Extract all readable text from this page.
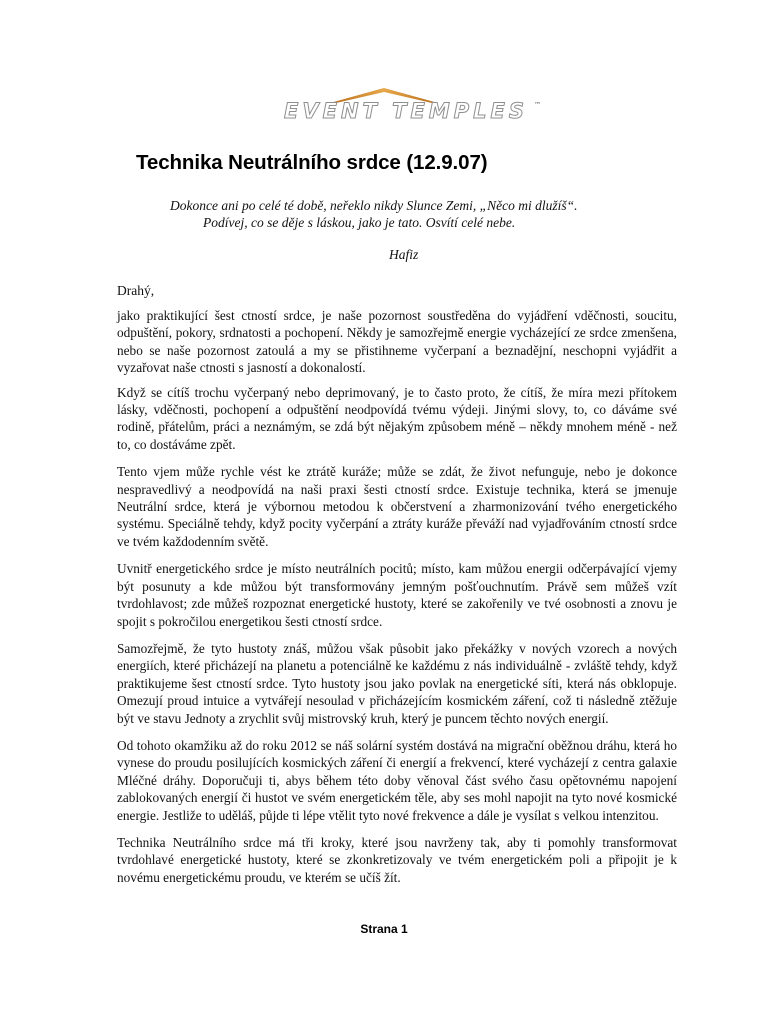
EVENT TEMPLES ™
Technika Neutrálního srdce (12.9.07)

Dokonce ani po celé té době, neřeklo nikdy Slunce Zemi, „Něco mi dlužíš“.
Podívej, co se děje s láskou, jako je tato. Osvítí celé nebe.

Hafiz

Drahý,

jako praktikující šest ctností srdce, je naše pozornost soustředěna do vyjádření vděčnosti, soucitu, odpuštění, pokory, srdnatosti a pochopení. Někdy je samozřejmě energie vycházející ze srdce zmenšena, nebo se naše pozornost zatoulá a my se přistihneme vyčerpaní a beznadějní, neschopni vyjádřit a vyzařovat naše ctnosti s jasností a dokonalostí.

Když se cítíš trochu vyčerpaný nebo deprimovaný, je to často proto, že cítíš, že míra mezi přítokem lásky, vděčnosti, pochopení a odpuštění neodpovídá tvému výdeji. Jinými slovy, to, co dáváme své rodině, přátelům, práci a neznámým, se zdá být nějakým způsobem méně – někdy mnohem méně - než to, co dostáváme zpět.

Tento vjem může rychle vést ke ztrátě kuráže; může se zdát, že život nefunguje, nebo je dokonce nespravedlivý a neodpovídá na naši praxi šesti ctností srdce. Existuje technika, která se jmenuje Neutrální srdce, která je výbornou metodou k občerstvení a zharmonizování tvého energetického systému. Speciálně tehdy, když pocity vyčerpání a ztráty kuráže převáží nad vyjadřováním ctností srdce ve tvém každodenním světě.

Uvnitř energetického srdce je místo neutrálních pocitů; místo, kam můžou energii odčerpávající vjemy být posunuty a kde můžou být transformovány jemným pošťouchnutím. Právě sem můžeš vzít tvrdohlavost; zde můžeš rozpoznat energetické hustoty, které se zakořenily ve tvé osobnosti a znovu je spojit s pokročilou energetikou šesti ctností srdce.

Samozřejmě, že tyto hustoty znáš, můžou však působit jako překážky v nových vzorech a nových energiích, které přicházejí na planetu a potenciálně ke každému z nás individuálně - zvláště tehdy, když praktikujeme šest ctností srdce. Tyto hustoty jsou jako povlak na energetické síti, která nás obklopuje. Omezují proud intuice a vytvářejí nesoulad v přicházejícím kosmickém záření, což ti následně ztěžuje být ve stavu Jednoty a zrychlit svůj mistrovský kruh, který je puncem těchto nových energií.

Od tohoto okamžiku až do roku 2012 se náš solární systém dostává na migrační oběžnou dráhu, která ho vynese do proudu posilujících kosmických záření či energií a frekvencí, které vycházejí z centra galaxie Mléčné dráhy. Doporučuji ti, abys během této doby věnoval část svého času opětovnému napojení zablokovaných energií či hustot ve svém energetickém těle, aby ses mohl napojit na tyto nové kosmické energie. Jestliže to uděláš, půjde ti lépe vtělit tyto nové frekvence a dále je vysílat s velkou intenzitou.

Technika Neutrálního srdce má tři kroky, které jsou navrženy tak, aby ti pomohly transformovat tvrdohlavé energetické hustoty, které se zkonkretizovaly ve tvém energetickém poli a připojit je k novému energetickému proudu, ve kterém se učíš žít.

Strana 1
